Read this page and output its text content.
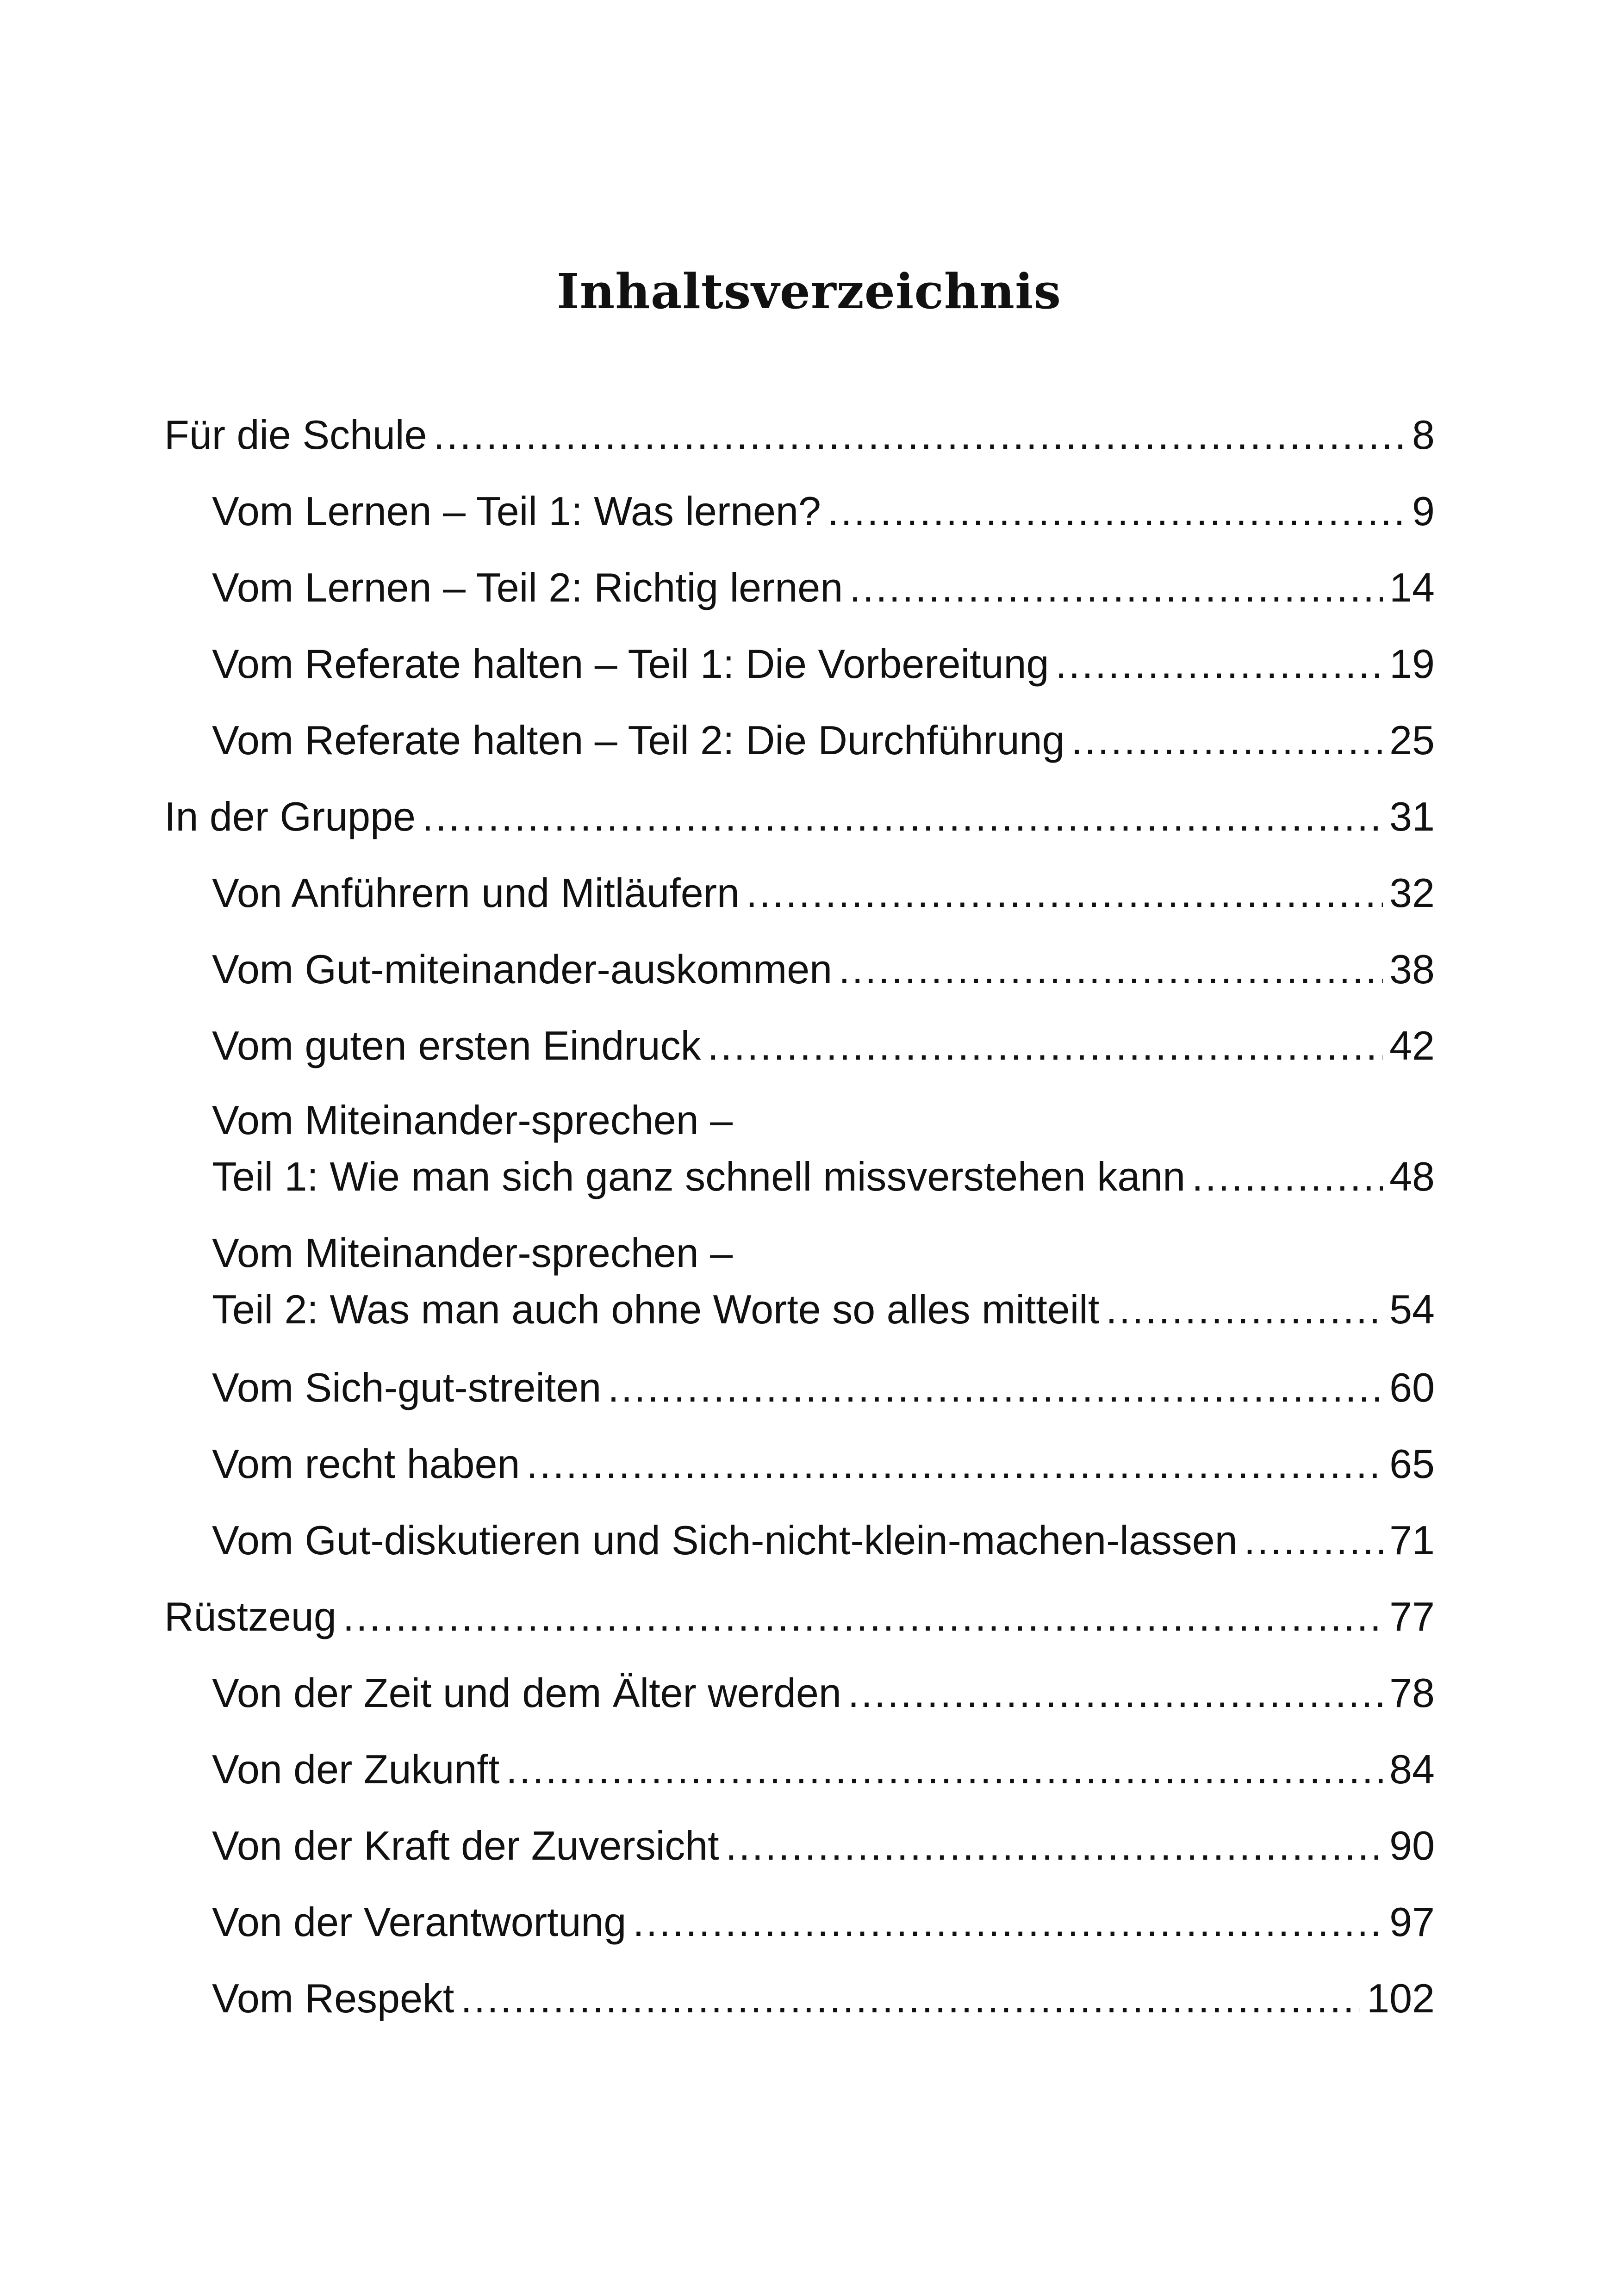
Inhaltsverzeichnis
Für die Schule .....	8
Vom Lernen – Teil 1: Was lernen? .....	9
Vom Lernen – Teil 2: Richtig lernen .....	14
Vom Referate halten – Teil 1: Die Vorbereitung .....	19
Vom Referate halten – Teil 2: Die Durchführung .....	25
In der Gruppe .....	31
Von Anführern und Mitläufern .....	32
Vom Gut-miteinander-auskommen .....	38
Vom guten ersten Eindruck .....	42
Vom Miteinander-sprechen –
Teil 1: Wie man sich ganz schnell missverstehen kann .....	48
Vom Miteinander-sprechen –
Teil 2: Was man auch ohne Worte so alles mitteilt .....	54
Vom Sich-gut-streiten .....	60
Vom recht haben .....	65
Vom Gut-diskutieren und Sich-nicht-klein-machen-lassen .....	71
Rüstzeug .....	77
Von der Zeit und dem Älter werden .....	78
Von der Zukunft .....	84
Von der Kraft der Zuversicht .....	90
Von der Verantwortung .....	97
Vom Respekt .....	102
